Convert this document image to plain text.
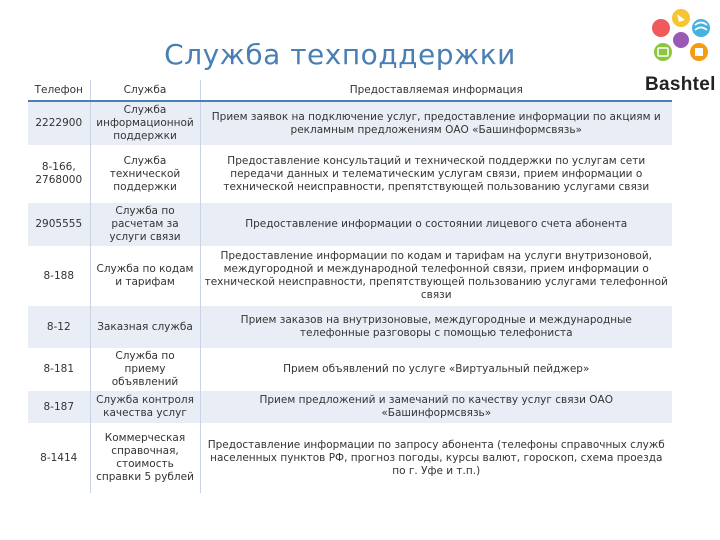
Служба техподдержки
Bashtel
Телефон	Служба	Предоставляемая информация
2222900	Служба информационной поддержки	Прием заявок на подключение услуг, предоставление информации по акциям и рекламным предложениям ОАО «Башинформсвязь»
8-166, 2768000	Служба технической поддержки	Предоставление консультаций и технической поддержки по услугам сети передачи данных и телематическим услугам связи, прием информации о технической неисправности, препятствующей пользованию услугами связи
2905555	Служба по расчетам за услуги связи	Предоставление информации о состоянии лицевого счета абонента
8-188	Служба по кодам и тарифам	Предоставление информации по кодам и тарифам на услуги внутризоновой, междугородной и международной телефонной связи, прием информации о технической неисправности, препятствующей пользованию услугами телефонной связи
8-12	Заказная служба	Прием заказов на внутризоновые, междугородные и международные телефонные разговоры с помощью телефониста
8-181	Служба по приему объявлений	Прием объявлений по услуге «Виртуальный пейджер»
8-187	Служба контроля качества услуг	Прием предложений и замечаний по качеству услуг связи ОАО «Башинформсвязь»
8-1414	Коммерческая справочная, стоимость справки 5 рублей	Предоставление информации по запросу абонента (телефоны справочных служб населенных пунктов РФ, прогноз погоды, курсы валют, гороскоп, схема проезда по г. Уфе и т.п.)
